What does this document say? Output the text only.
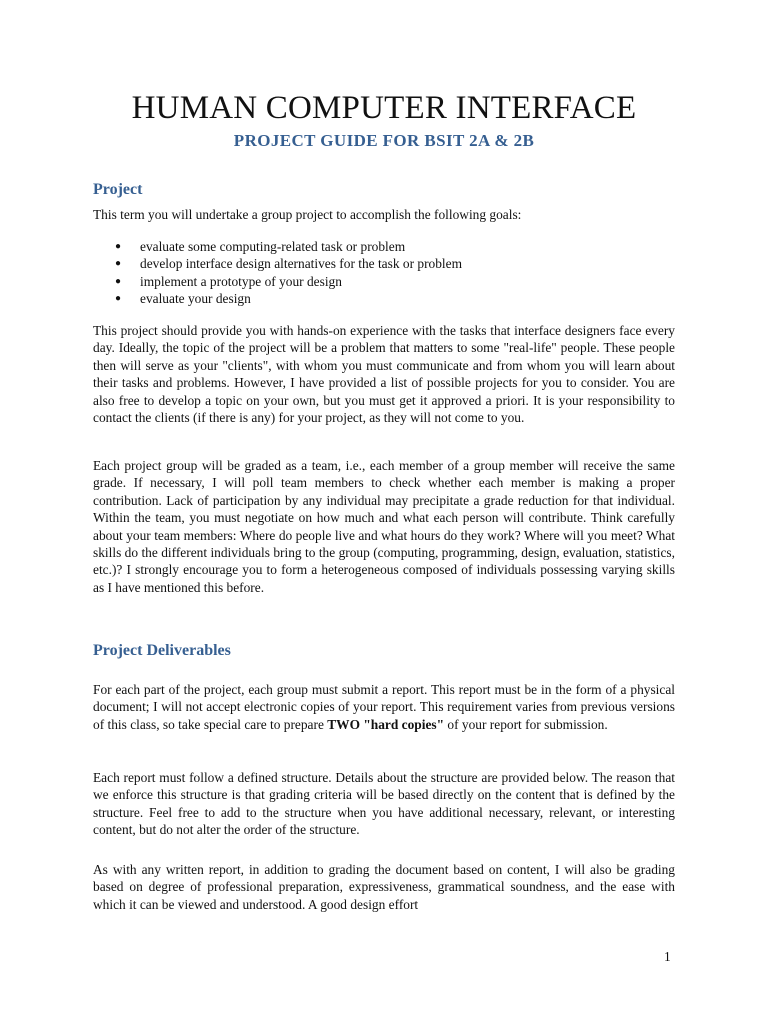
HUMAN COMPUTER INTERFACE
PROJECT GUIDE FOR BSIT 2A & 2B
Project

This term you will undertake a group project to accomplish the following goals:

● evaluate some computing-related task or problem
● develop interface design alternatives for the task or problem
● implement a prototype of your design
● evaluate your design

This project should provide you with hands-on experience with the tasks that interface designers face every day. Ideally, the topic of the project will be a problem that matters to some "real-life" people. These people then will serve as your "clients", with whom you must communicate and from whom you will learn about their tasks and problems. However, I have provided a list of possible projects for you to consider. You are also free to develop a topic on your own, but you must get it approved a priori. It is your responsibility to contact the clients (if there is any) for your project, as they will not come to you.

Each project group will be graded as a team, i.e., each member of a group member will receive the same grade. If necessary, I will poll team members to check whether each member is making a proper contribution. Lack of participation by any individual may precipitate a grade reduction for that individual. Within the team, you must negotiate on how much and what each person will contribute. Think carefully about your team members: Where do people live and what hours do they work? Where will you meet? What skills do the different individuals bring to the group (computing, programming, design, evaluation, statistics, etc.)? I strongly encourage you to form a heterogeneous composed of individuals possessing varying skills as I have mentioned this before.

Project Deliverables

For each part of the project, each group must submit a report. This report must be in the form of a physical document; I will not accept electronic copies of your report. This requirement varies from previous versions of this class, so take special care to prepare TWO "hard copies" of your report for submission.

Each report must follow a defined structure. Details about the structure are provided below. The reason that we enforce this structure is that grading criteria will be based directly on the content that is defined by the structure. Feel free to add to the structure when you have additional necessary, relevant, or interesting content, but do not alter the order of the structure.

As with any written report, in addition to grading the document based on content, I will also be grading based on degree of professional preparation, expressiveness, grammatical soundness, and the ease with which it can be viewed and understood. A good design effort

1
